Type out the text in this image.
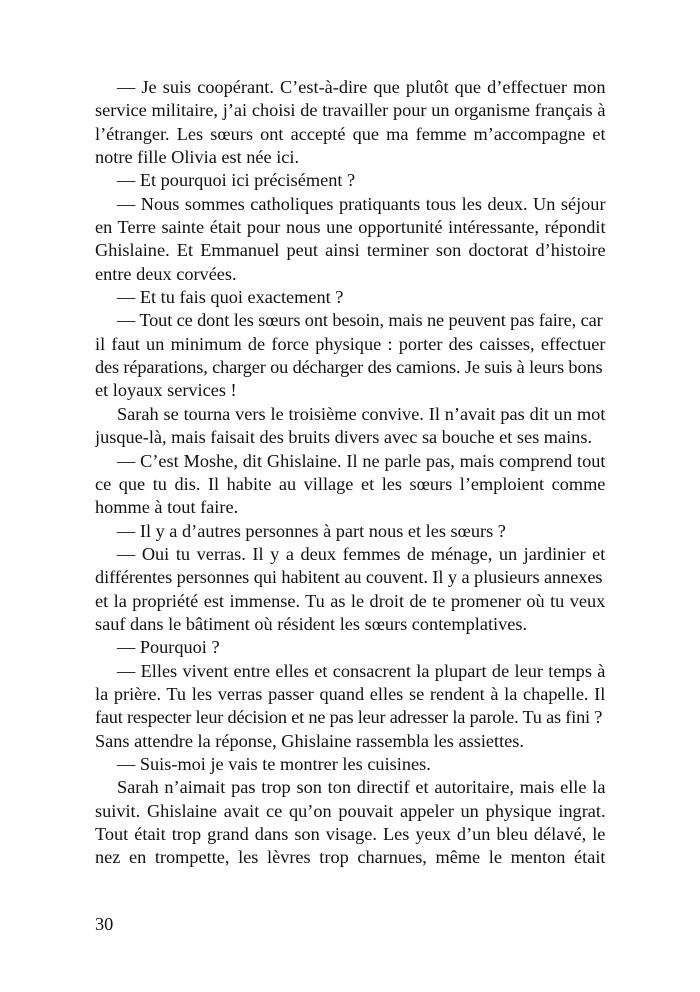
— Je suis coopérant. C’est-à-dire que plutôt que d’effectuer mon
service militaire, j’ai choisi de travailler pour un organisme français à
l’étranger. Les sœurs ont accepté que ma femme m’accompagne et
notre fille Olivia est née ici.
— Et pourquoi ici précisément ?
— Nous sommes catholiques pratiquants tous les deux. Un séjour
en Terre sainte était pour nous une opportunité intéressante, répondit
Ghislaine. Et Emmanuel peut ainsi terminer son doctorat d’histoire
entre deux corvées.
— Et tu fais quoi exactement ?
— Tout ce dont les sœurs ont besoin, mais ne peuvent pas faire, car
il faut un minimum de force physique : porter des caisses, effectuer
des réparations, charger ou décharger des camions. Je suis à leurs bons
et loyaux services !
Sarah se tourna vers le troisième convive. Il n’avait pas dit un mot
jusque-là, mais faisait des bruits divers avec sa bouche et ses mains.
— C’est Moshe, dit Ghislaine. Il ne parle pas, mais comprend tout
ce que tu dis. Il habite au village et les sœurs l’emploient comme
homme à tout faire.
— Il y a d’autres personnes à part nous et les sœurs ?
— Oui tu verras. Il y a deux femmes de ménage, un jardinier et
différentes personnes qui habitent au couvent. Il y a plusieurs annexes
et la propriété est immense. Tu as le droit de te promener où tu veux
sauf dans le bâtiment où résident les sœurs contemplatives.
— Pourquoi ?
— Elles vivent entre elles et consacrent la plupart de leur temps à
la prière. Tu les verras passer quand elles se rendent à la chapelle. Il
faut respecter leur décision et ne pas leur adresser la parole. Tu as fini ?
Sans attendre la réponse, Ghislaine rassembla les assiettes.
— Suis-moi je vais te montrer les cuisines.
Sarah n’aimait pas trop son ton directif et autoritaire, mais elle la
suivit. Ghislaine avait ce qu’on pouvait appeler un physique ingrat.
Tout était trop grand dans son visage. Les yeux d’un bleu délavé, le
nez en trompette, les lèvres trop charnues, même le menton était
30
